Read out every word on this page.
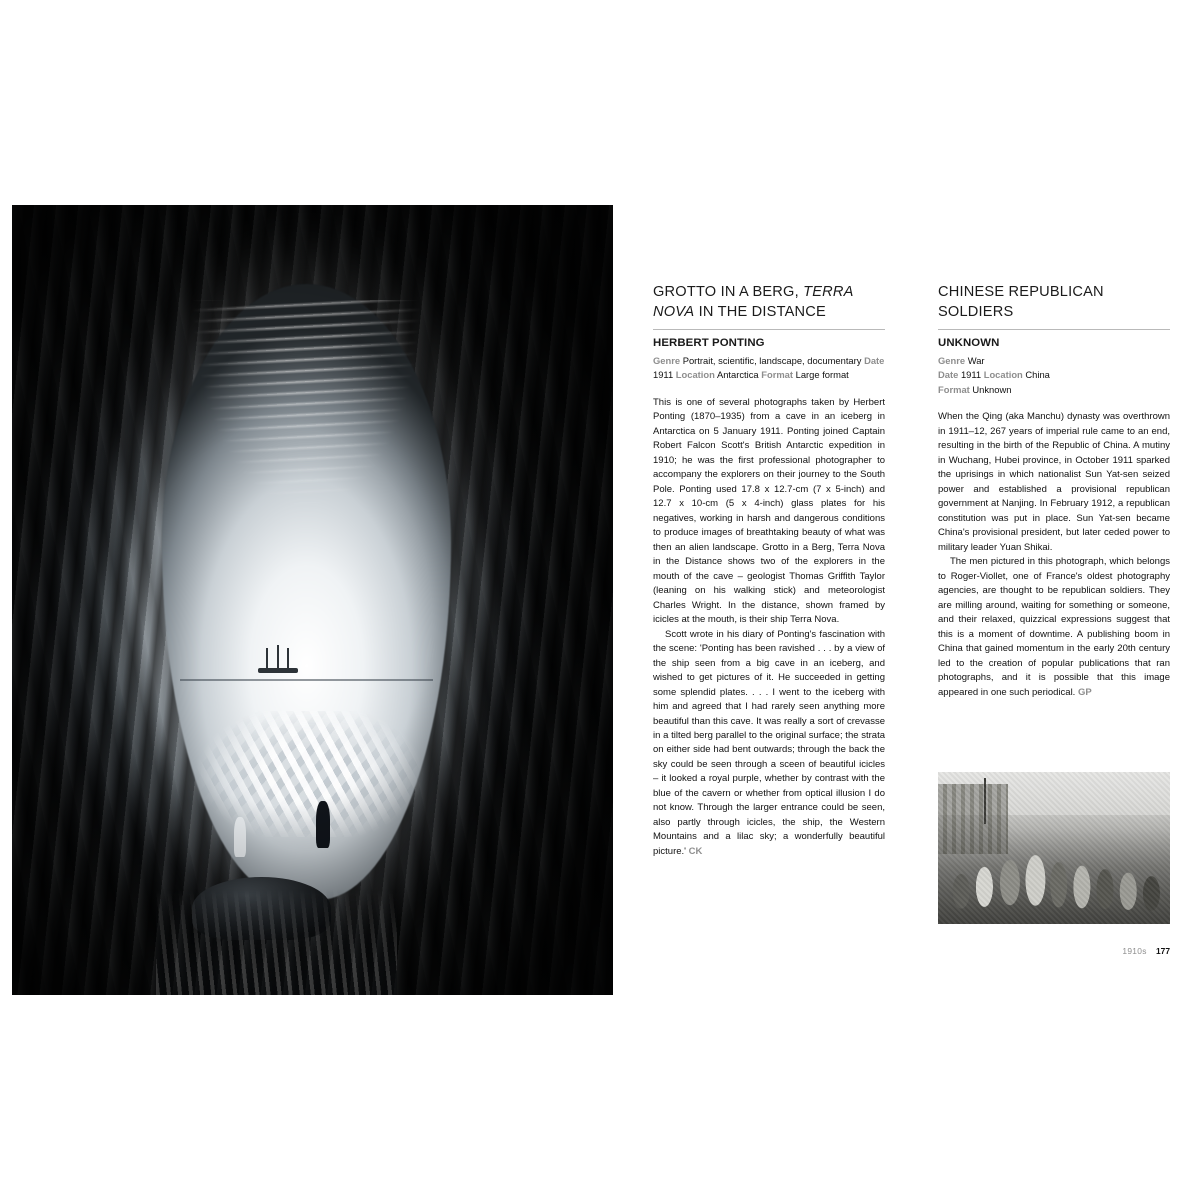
GROTTO IN A BERG, TERRA NOVA IN THE DISTANCE
HERBERT PONTING
Genre Portrait, scientific, landscape, documentary Date 1911 Location Antarctica Format Large format

This is one of several photographs taken by Herbert Ponting (1870–1935) from a cave in an iceberg in Antarctica on 5 January 1911. Ponting joined Captain Robert Falcon Scott's British Antarctic expedition in 1910; he was the first professional photographer to accompany the explorers on their journey to the South Pole. Ponting used 17.8 x 12.7-cm (7 x 5-inch) and 12.7 x 10-cm (5 x 4-inch) glass plates for his negatives, working in harsh and dangerous conditions to produce images of breathtaking beauty of what was then an alien landscape. Grotto in a Berg, Terra Nova in the Distance shows two of the explorers in the mouth of the cave – geologist Thomas Griffith Taylor (leaning on his walking stick) and meteorologist Charles Wright. In the distance, shown framed by icicles at the mouth, is their ship Terra Nova.

Scott wrote in his diary of Ponting's fascination with the scene: 'Ponting has been ravished . . . by a view of the ship seen from a big cave in an iceberg, and wished to get pictures of it. He succeeded in getting some splendid plates. . . . I went to the iceberg with him and agreed that I had rarely seen anything more beautiful than this cave. It was really a sort of crevasse in a tilted berg parallel to the original surface; the strata on either side had bent outwards; through the back the sky could be seen through a sceen of beautiful icicles – it looked a royal purple, whether by contrast with the blue of the cavern or whether from optical illusion I do not know. Through the larger entrance could be seen, also partly through icicles, the ship, the Western Mountains and a lilac sky; a wonderfully beautiful picture.' CK

CHINESE REPUBLICAN SOLDIERS
UNKNOWN
Genre War
Date 1911 Location China
Format Unknown

When the Qing (aka Manchu) dynasty was overthrown in 1911–12, 267 years of imperial rule came to an end, resulting in the birth of the Republic of China. A mutiny in Wuchang, Hubei province, in October 1911 sparked the uprisings in which nationalist Sun Yat-sen seized power and established a provisional republican government at Nanjing. In February 1912, a republican constitution was put in place. Sun Yat-sen became China's provisional president, but later ceded power to military leader Yuan Shikai.

The men pictured in this photograph, which belongs to Roger-Viollet, one of France's oldest photography agencies, are thought to be republican soldiers. They are milling around, waiting for something or someone, and their relaxed, quizzical expressions suggest that this is a moment of downtime. A publishing boom in China that gained momentum in the early 20th century led to the creation of popular publications that ran photographs, and it is possible that this image appeared in one such periodical. GP

1910s 177
